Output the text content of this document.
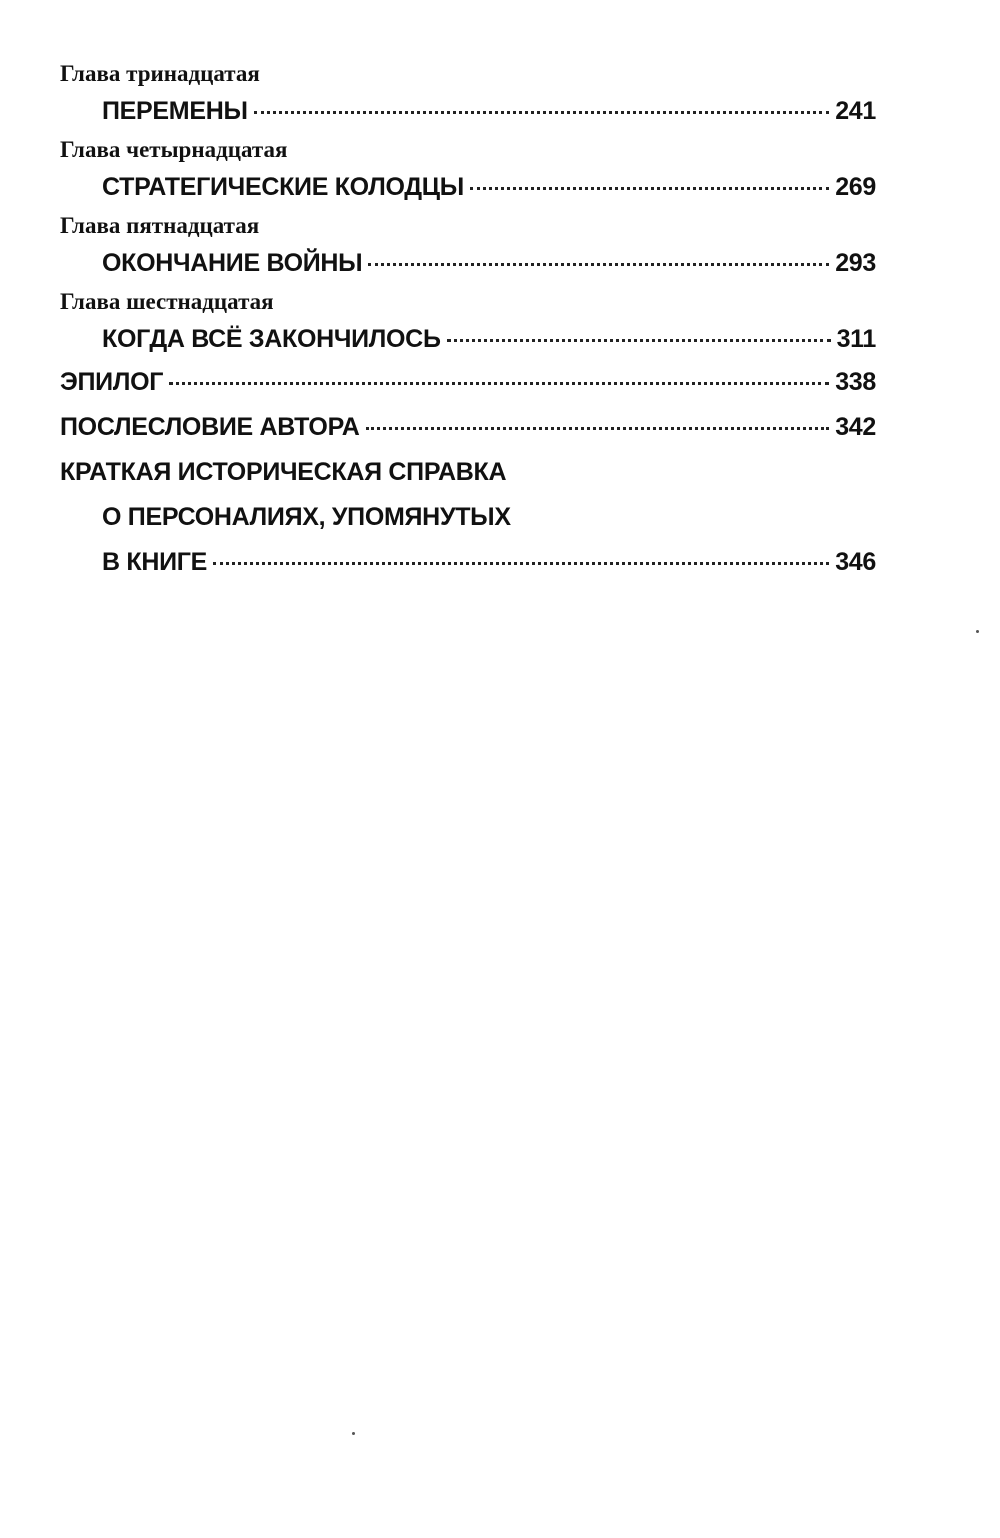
Глава тринадцатая
ПЕРЕМЕНЫ	241
Глава четырнадцатая
СТРАТЕГИЧЕСКИЕ КОЛОДЦЫ	269
Глава пятнадцатая
ОКОНЧАНИЕ ВОЙНЫ	293
Глава шестнадцатая
КОГДА ВСЁ ЗАКОНЧИЛОСЬ	311
ЭПИЛОГ	338
ПОСЛЕСЛОВИЕ АВТОРА	342
КРАТКАЯ ИСТОРИЧЕСКАЯ СПРАВКА
О ПЕРСОНАЛИЯХ, УПОМЯНУТЫХ
В КНИГЕ	346
